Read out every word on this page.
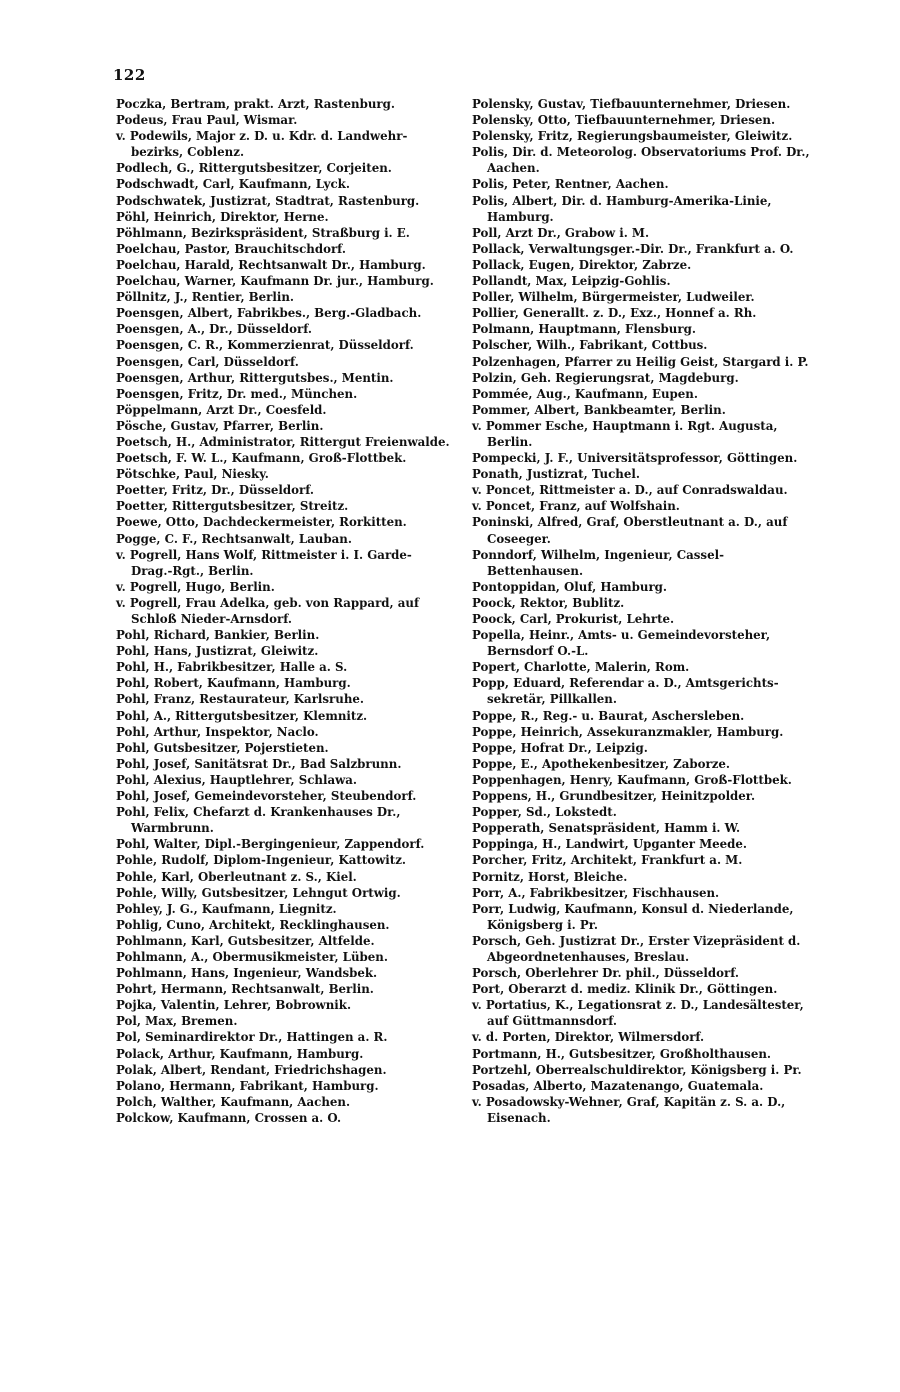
122
Poczka, Bertram, prakt. Arzt, Rastenburg.
Podeus, Frau Paul, Wismar.
v. Podewils, Major z. D. u. Kdr. d. Landwehr-bezirks, Coblenz.
Podlech, G., Rittergutsbesitzer, Corjeiten.
Podschwadt, Carl, Kaufmann, Lyck.
Podschwatek, Justizrat, Stadtrat, Rastenburg.
Pöhl, Heinrich, Direktor, Herne.
Pöhlmann, Bezirkspräsident, Straßburg i. E.
Poelchau, Pastor, Brauchitschdorf.
Poelchau, Harald, Rechtsanwalt Dr., Hamburg.
Poelchau, Warner, Kaufmann Dr. jur., Hamburg.
Pöllnitz, J., Rentier, Berlin.
Poensgen, Albert, Fabrikbes., Berg.-Gladbach.
Poensgen, A., Dr., Düsseldorf.
Poensgen, C. R., Kommerzienrat, Düsseldorf.
Poensgen, Carl, Düsseldorf.
Poensgen, Arthur, Rittergutsbes., Mentin.
Poensgen, Fritz, Dr. med., München.
Pöppelmann, Arzt Dr., Coesfeld.
Pösche, Gustav, Pfarrer, Berlin.
Poetsch, H., Administrator, Rittergut Freienwalde.
Poetsch, F. W. L., Kaufmann, Groß-Flottbek.
Pötschke, Paul, Niesky.
Poetter, Fritz, Dr., Düsseldorf.
Poetter, Rittergutsbesitzer, Streitz.
Poewe, Otto, Dachdeckermeister, Rorkitten.
Pogge, C. F., Rechtsanwalt, Lauban.
v. Pogrell, Hans Wolf, Rittmeister i. I. Garde-Drag.-Rgt., Berlin.
v. Pogrell, Hugo, Berlin.
v. Pogrell, Frau Adelka, geb. von Rappard, auf Schloß Nieder-Arnsdorf.
Pohl, Richard, Bankier, Berlin.
Pohl, Hans, Justizrat, Gleiwitz.
Pohl, H., Fabrikbesitzer, Halle a. S.
Pohl, Robert, Kaufmann, Hamburg.
Pohl, Franz, Restaurateur, Karlsruhe.
Pohl, A., Rittergutsbesitzer, Klemnitz.
Pohl, Arthur, Inspektor, Naclo.
Pohl, Gutsbesitzer, Pojerstieten.
Pohl, Josef, Sanitätsrat Dr., Bad Salzbrunn.
Pohl, Alexius, Hauptlehrer, Schlawa.
Pohl, Josef, Gemeindevorsteher, Steubendorf.
Pohl, Felix, Chefarzt d. Krankenhauses Dr., Warmbrunn.
Pohl, Walter, Dipl.-Bergingenieur, Zappendorf.
Pohle, Rudolf, Diplom-Ingenieur, Kattowitz.
Pohle, Karl, Oberleutnant z. S., Kiel.
Pohle, Willy, Gutsbesitzer, Lehngut Ortwig.
Pohley, J. G., Kaufmann, Liegnitz.
Pohlig, Cuno, Architekt, Recklinghausen.
Pohlmann, Karl, Gutsbesitzer, Altfelde.
Pohlmann, A., Obermusikmeister, Lüben.
Pohlmann, Hans, Ingenieur, Wandsbek.
Pohrt, Hermann, Rechtsanwalt, Berlin.
Pojka, Valentin, Lehrer, Bobrownik.
Pol, Max, Bremen.
Pol, Seminardirektor Dr., Hattingen a. R.
Polack, Arthur, Kaufmann, Hamburg.
Polak, Albert, Rendant, Friedrichshagen.
Polano, Hermann, Fabrikant, Hamburg.
Polch, Walther, Kaufmann, Aachen.
Polckow, Kaufmann, Crossen a. O.
Polensky, Gustav, Tiefbauunternehmer, Driesen.
Polensky, Otto, Tiefbauunternehmer, Driesen.
Polensky, Fritz, Regierungsbaumeister, Gleiwitz.
Polis, Dir. d. Meteorolog. Observatoriums Prof. Dr., Aachen.
Polis, Peter, Rentner, Aachen.
Polis, Albert, Dir. d. Hamburg-Amerika-Linie, Hamburg.
Poll, Arzt Dr., Grabow i. M.
Pollack, Verwaltungsger.-Dir. Dr., Frankfurt a. O.
Pollack, Eugen, Direktor, Zabrze.
Pollandt, Max, Leipzig-Gohlis.
Poller, Wilhelm, Bürgermeister, Ludweiler.
Pollier, Generallt. z. D., Exz., Honnef a. Rh.
Polmann, Hauptmann, Flensburg.
Polscher, Wilh., Fabrikant, Cottbus.
Polzenhagen, Pfarrer zu Heilig Geist, Stargard i. P.
Polzin, Geh. Regierungsrat, Magdeburg.
Pommée, Aug., Kaufmann, Eupen.
Pommer, Albert, Bankbeamter, Berlin.
v. Pommer Esche, Hauptmann i. Rgt. Augusta, Berlin.
Pompecki, J. F., Universitätsprofessor, Göttingen.
Ponath, Justizrat, Tuchel.
v. Poncet, Rittmeister a. D., auf Conradswaldau.
v. Poncet, Franz, auf Wolfshain.
Poninski, Alfred, Graf, Oberstleutnant a. D., auf Coseeger.
Ponndorf, Wilhelm, Ingenieur, Cassel-Bettenhausen.
Pontoppidan, Oluf, Hamburg.
Poock, Rektor, Bublitz.
Poock, Carl, Prokurist, Lehrte.
Popella, Heinr., Amts- u. Gemeindevorsteher, Bernsdorf O.-L.
Popert, Charlotte, Malerin, Rom.
Popp, Eduard, Referendar a. D., Amtsgerichts-sekretär, Pillkallen.
Poppe, R., Reg.- u. Baurat, Aschersleben.
Poppe, Heinrich, Assekuranzmakler, Hamburg.
Poppe, Hofrat Dr., Leipzig.
Poppe, E., Apothekenbesitzer, Zaborze.
Poppenhagen, Henry, Kaufmann, Groß-Flottbek.
Poppens, H., Grundbesitzer, Heinitzpolder.
Popper, Sd., Lokstedt.
Popperath, Senatspräsident, Hamm i. W.
Poppinga, H., Landwirt, Upganter Meede.
Porcher, Fritz, Architekt, Frankfurt a. M.
Pornitz, Horst, Bleiche.
Porr, A., Fabrikbesitzer, Fischhausen.
Porr, Ludwig, Kaufmann, Konsul d. Niederlande, Königsberg i. Pr.
Porsch, Geh. Justizrat Dr., Erster Vizepräsident d. Abgeordnetenhauses, Breslau.
Porsch, Oberlehrer Dr. phil., Düsseldorf.
Port, Oberarzt d. mediz. Klinik Dr., Göttingen.
v. Portatius, K., Legationsrat z. D., Landesältester, auf Güttmannsdorf.
v. d. Porten, Direktor, Wilmersdorf.
Portmann, H., Gutsbesitzer, Großholthausen.
Portzehl, Oberrealschuldirektor, Königsberg i. Pr.
Posadas, Alberto, Mazatenango, Guatemala.
v. Posadowsky-Wehner, Graf, Kapitän z. S. a. D., Eisenach.
